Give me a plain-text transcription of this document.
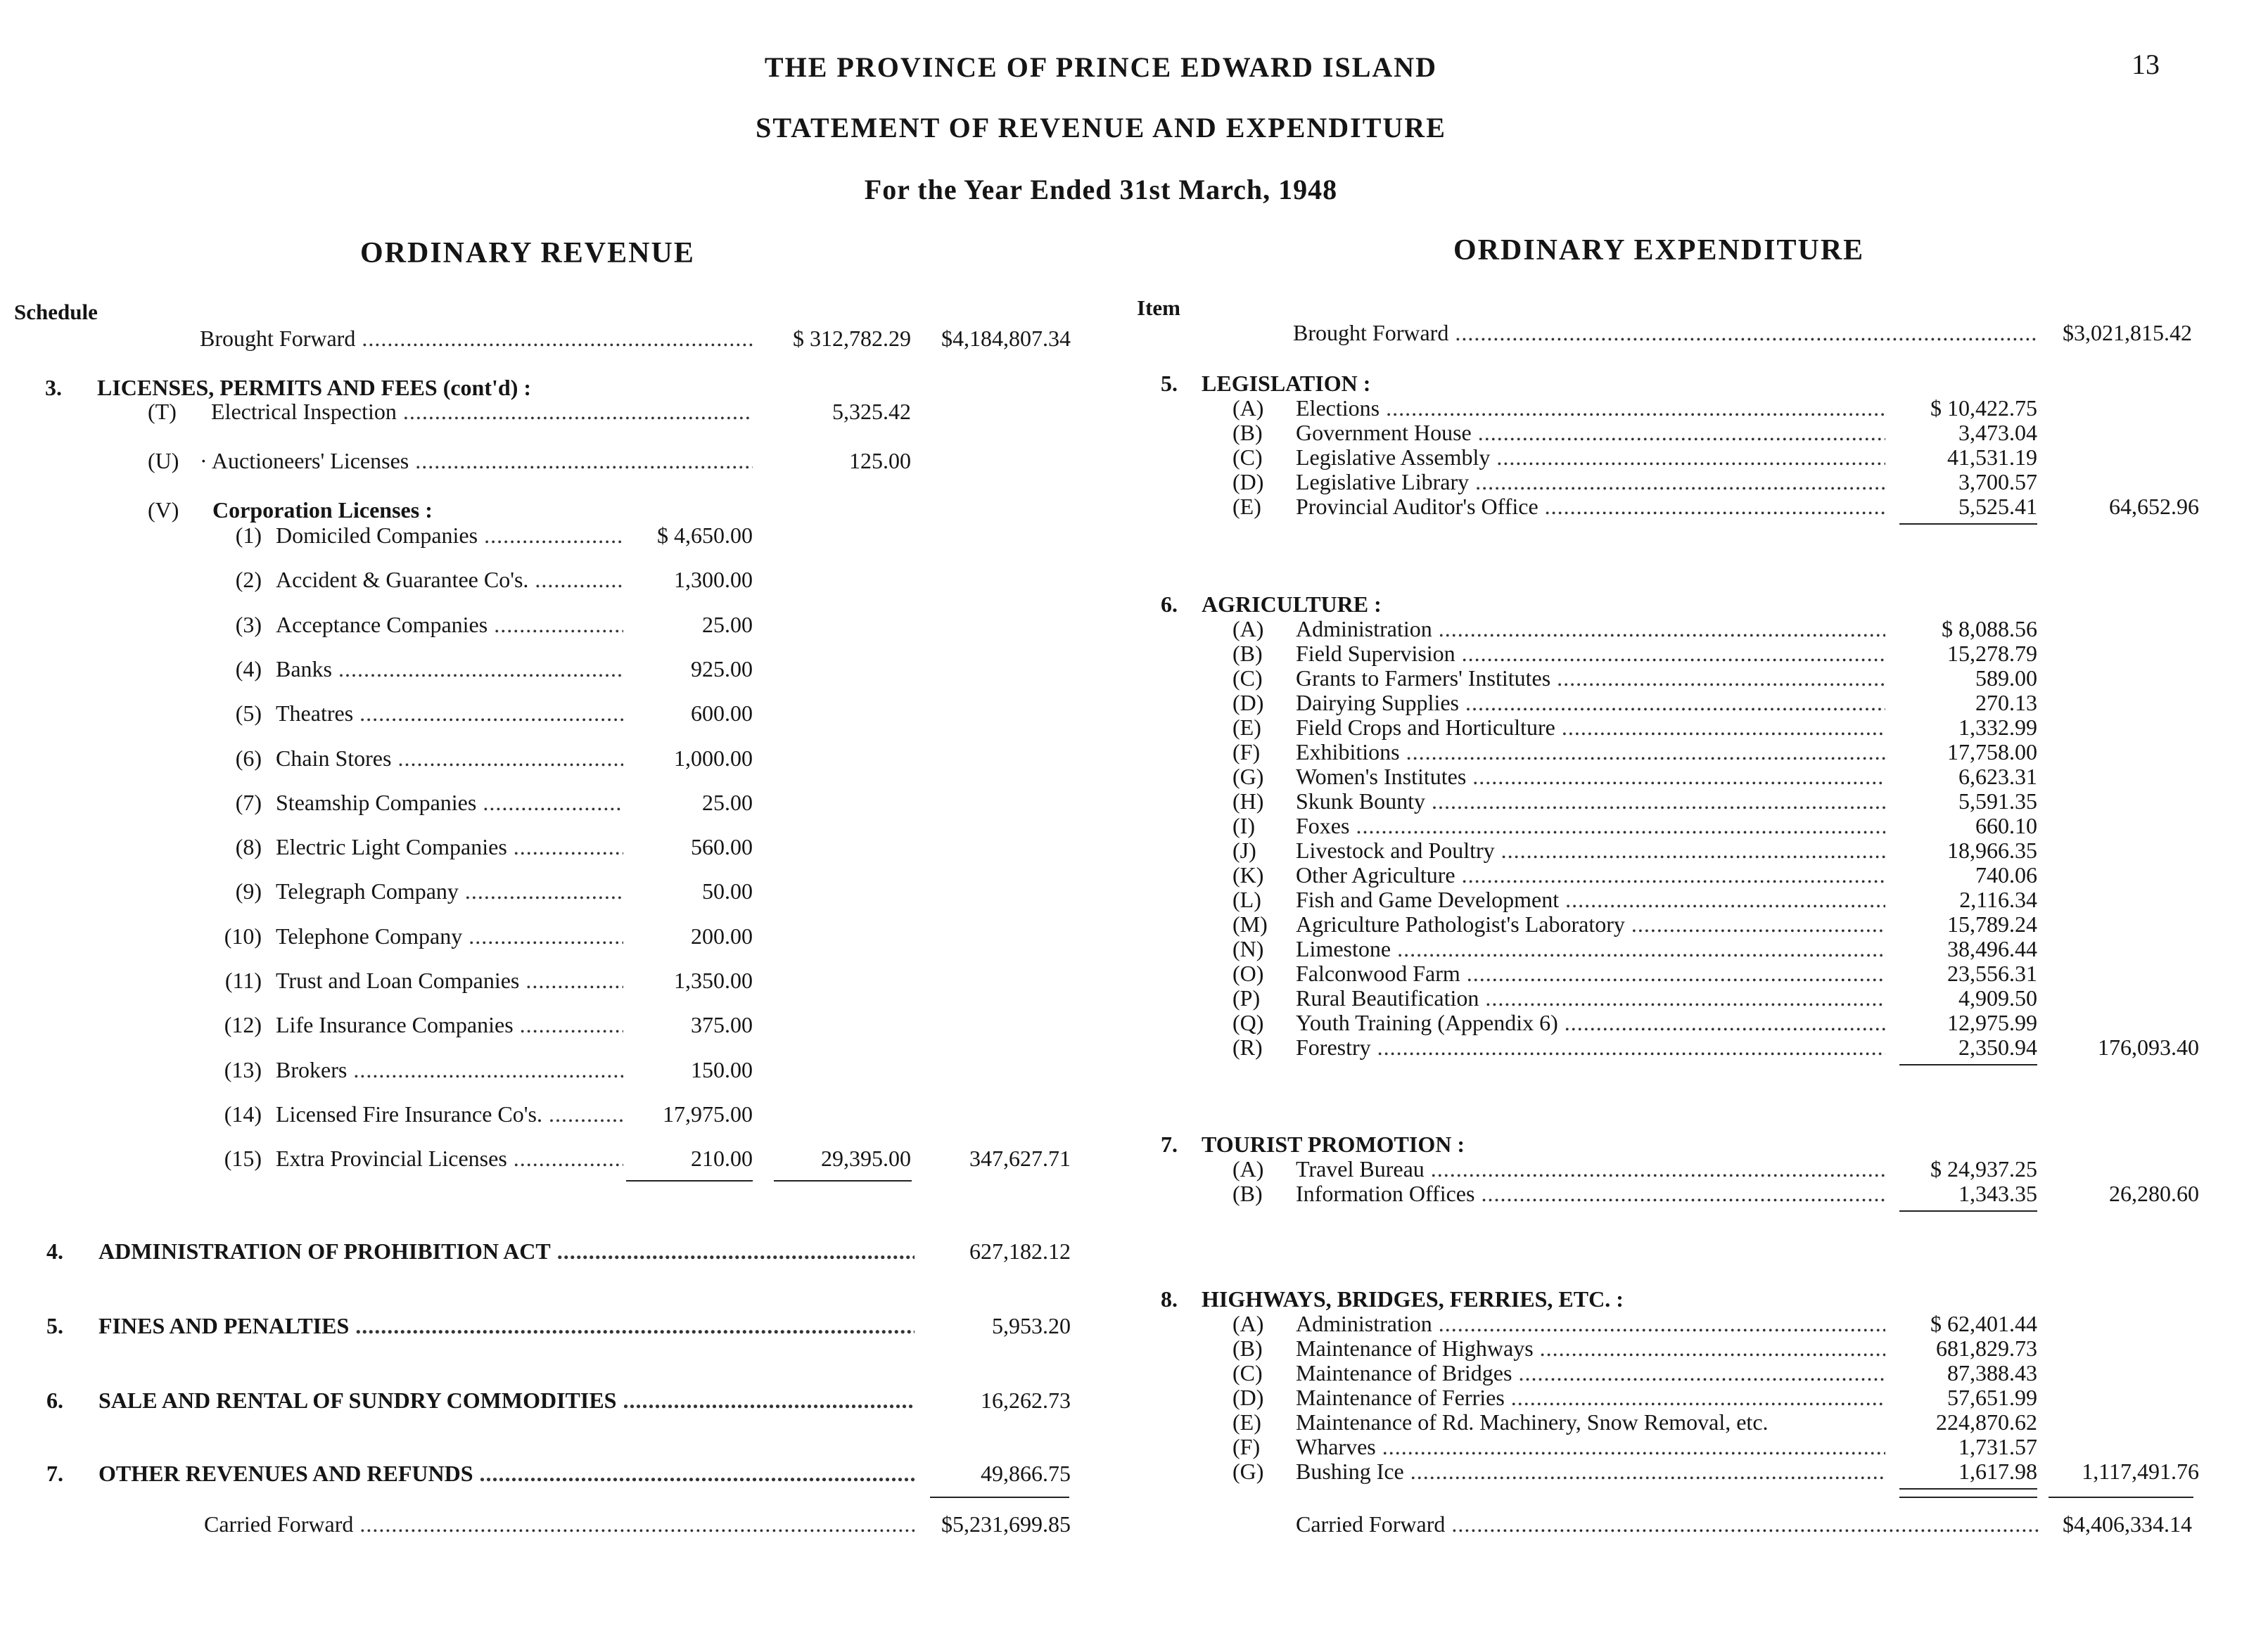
THE PROVINCE OF PRINCE EDWARD ISLAND
STATEMENT OF REVENUE AND EXPENDITURE
For the Year Ended 31st March, 1948
13
ORDINARY REVENUE	ORDINARY EXPENDITURE
Schedule	Item
Brought Forward .....	$ 312,782.29	$4,184,807.34
3. LICENSES, PERMITS AND FEES (cont'd) :
(T) Electrical Inspection .....	5,325.42
(U) · Auctioneers' Licenses .....	125.00
(V) Corporation Licenses :
(1) Domiciled Companies .....	$ 4,650.00
(2) Accident & Guarantee Co's. .....	1,300.00
(3) Acceptance Companies .....	25.00
(4) Banks .....	925.00
(5) Theatres .....	600.00
(6) Chain Stores .....	1,000.00
(7) Steamship Companies .....	25.00
(8) Electric Light Companies .....	560.00
(9) Telegraph Company .....	50.00
(10) Telephone Company .....	200.00
(11) Trust and Loan Companies .....	1,350.00
(12) Life Insurance Companies .....	375.00
(13) Brokers .....	150.00
(14) Licensed Fire Insurance Co's. .....	17,975.00
(15) Extra Provincial Licenses .....	210.00	29,395.00	347,627.71
4. ADMINISTRATION OF PROHIBITION ACT .....	627,182.12
5. FINES AND PENALTIES .....	5,953.20
6. SALE AND RENTAL OF SUNDRY COMMODITIES .....	16,262.73
7. OTHER REVENUES AND REFUNDS .....	49,866.75
Carried Forward .....	$5,231,699.85
Brought Forward .....	$3,021,815.42
5. LEGISLATION :
(A) Elections .....	$ 10,422.75
(B) Government House .....	3,473.04
(C) Legislative Assembly .....	41,531.19
(D) Legislative Library .....	3,700.57
(E) Provincial Auditor's Office .....	5,525.41	64,652.96
6. AGRICULTURE :
(A) Administration .....	$ 8,088.56
(B) Field Supervision .....	15,278.79
(C) Grants to Farmers' Institutes .....	589.00
(D) Dairying Supplies .....	270.13
(E) Field Crops and Horticulture .....	1,332.99
(F) Exhibitions .....	17,758.00
(G) Women's Institutes .....	6,623.31
(H) Skunk Bounty .....	5,591.35
(I) Foxes .....	660.10
(J) Livestock and Poultry .....	18,966.35
(K) Other Agriculture .....	740.06
(L) Fish and Game Development .....	2,116.34
(M) Agriculture Pathologist's Laboratory .....	15,789.24
(N) Limestone .....	38,496.44
(O) Falconwood Farm .....	23,556.31
(P) Rural Beautification .....	4,909.50
(Q) Youth Training (Appendix 6) .....	12,975.99
(R) Forestry .....	2,350.94	176,093.40
7. TOURIST PROMOTION :
(A) Travel Bureau .....	$ 24,937.25
(B) Information Offices .....	1,343.35	26,280.60
8. HIGHWAYS, BRIDGES, FERRIES, ETC. :
(A) Administration .....	$ 62,401.44
(B) Maintenance of Highways .....	681,829.73
(C) Maintenance of Bridges .....	87,388.43
(D) Maintenance of Ferries .....	57,651.99
(E) Maintenance of Rd. Machinery, Snow Removal, etc.	224,870.62
(F) Wharves .....	1,731.57
(G) Bushing Ice .....	1,617.98	1,117,491.76
Carried Forward .....	$4,406,334.14
